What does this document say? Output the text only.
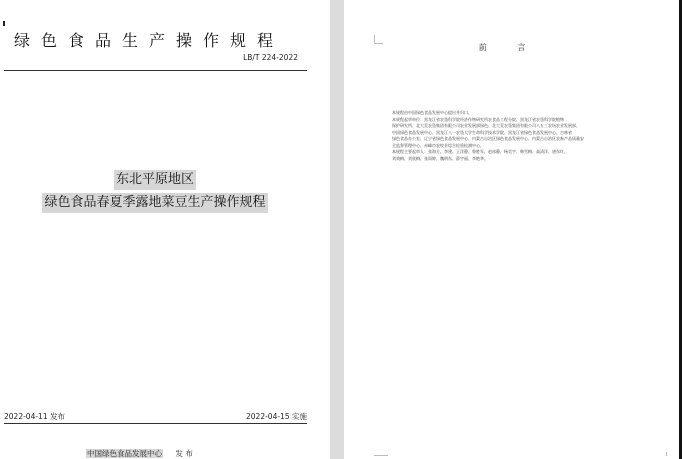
绿色食品生产操作规程
LB/T 224-2022
东北平原地区
绿色食品春夏季露地菜豆生产操作规程
2022-04-11 发布	2022-04-15 实施
中国绿色食品发展中心 发 布
前 言

本规程由中国绿色食品发展中心提出并归口。

本规程起草单位：黑龙江省农垦科学院经济作物研究所农食品工程分院、黑龙江省农垦科学院植物

保护研究所、北大荒农垦集团有限公司农业发展部绿色、北大荒农垦集团有限公司八五三农场农业发展部、

中国绿色食品发展中心、黑龙江八一农垦大学生命科学技术学院、黑龙江省绿色食品发展中心、吉林省

绿色食品办公室、辽宁省绿色食品发展中心、内蒙古自治区绿色食品发展中心、内蒙古自治区农畜产品质量安

全监督管理中心、赤峰市农牧业综合检验检测中心。

本规程主要起草人：张海方、李建、王洋静、鲁胜军、赵冰静、杨昊宇、韩雪梅、高清洋、唐东红、

刘效梅、刘欣梅、张雨婷、魏明东、薛宇丽、李艳华。
